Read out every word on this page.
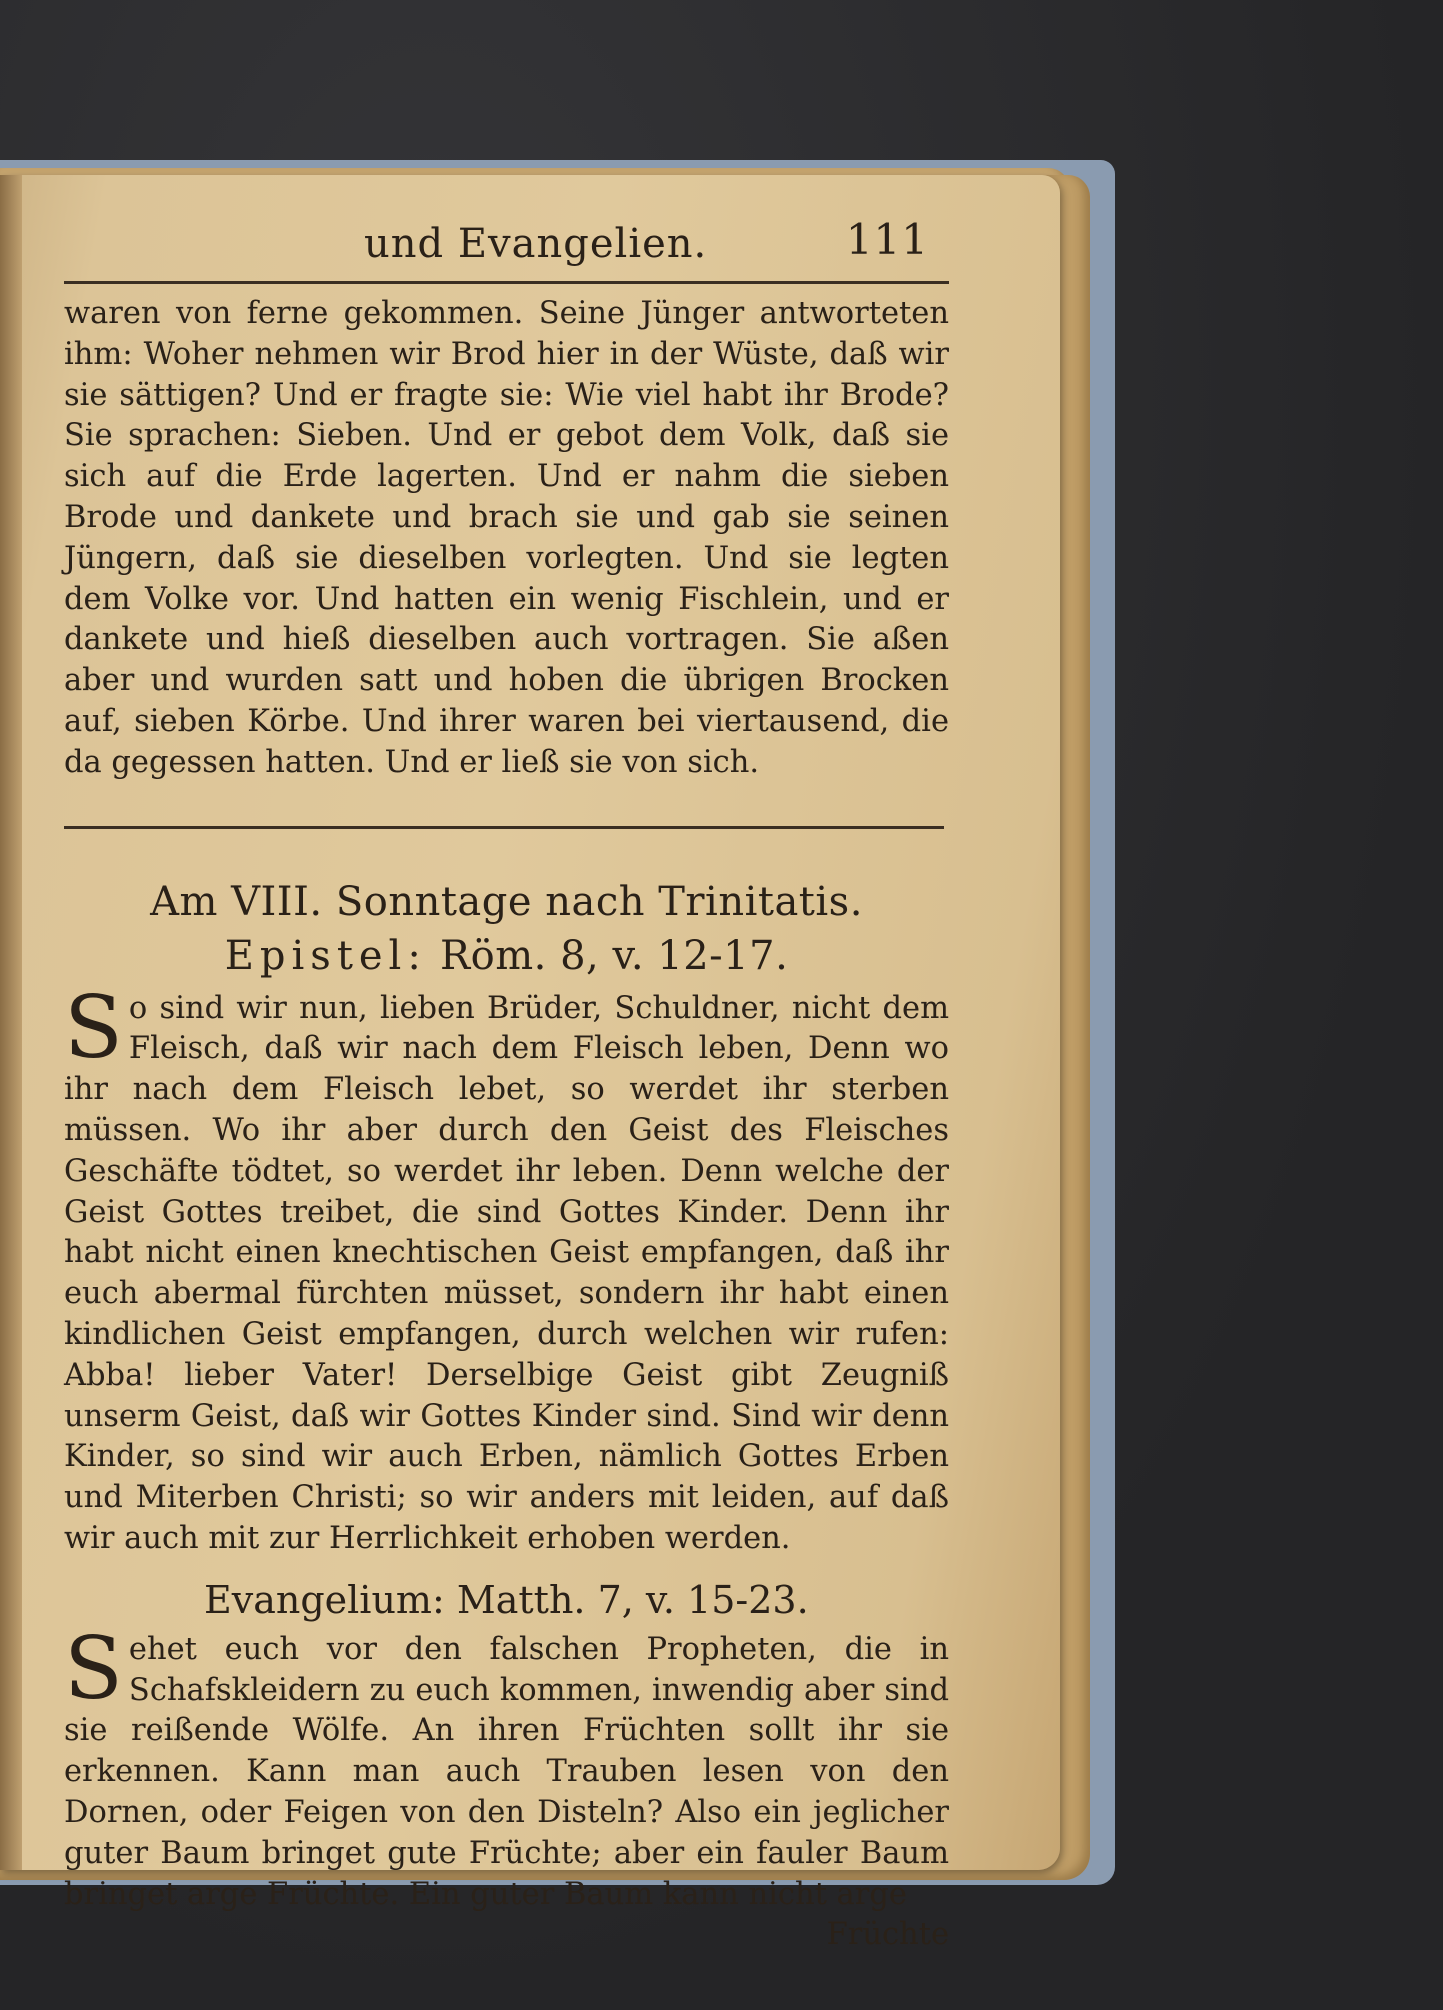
und Evangelien.	111

waren von ferne gekommen. Seine Jünger antworteten ihm: Woher nehmen wir Brod hier in der Wüste, daß wir sie sättigen? Und er fragte sie: Wie viel habt ihr Brode? Sie sprachen: Sieben. Und er gebot dem Volk, daß sie sich auf die Erde lagerten. Und er nahm die sieben Brode und dankete und brach sie und gab sie seinen Jüngern, daß sie dieselben vorlegten. Und sie legten dem Volke vor. Und hatten ein wenig Fischlein, und er dankete und hieß dieselben auch vortragen. Sie aßen aber und wurden satt und hoben die übrigen Brocken auf, sieben Körbe. Und ihrer waren bei viertausend, die da gegessen hatten. Und er ließ sie von sich.

Am VIII. Sonntage nach Trinitatis.
Epistel: Röm. 8, v. 12-17.
S o sind wir nun, lieben Brüder, Schuldner, nicht dem Fleisch, daß wir nach dem Fleisch leben, Denn wo ihr nach dem Fleisch lebet, so werdet ihr sterben müssen. Wo ihr aber durch den Geist des Fleisches Geschäfte tödtet, so werdet ihr leben. Denn welche der Geist Gottes treibet, die sind Gottes Kinder. Denn ihr habt nicht einen knechtischen Geist empfangen, daß ihr euch abermal fürchten müsset, sondern ihr habt einen kindlichen Geist empfangen, durch welchen wir rufen: Abba! lieber Vater! Derselbige Geist gibt Zeugniß unserm Geist, daß wir Gottes Kinder sind. Sind wir denn Kinder, so sind wir auch Erben, nämlich Gottes Erben und Miterben Christi; so wir anders mit leiden, auf daß wir auch mit zur Herrlichkeit erhoben werden.

Evangelium: Matth. 7, v. 15-23.
S ehet euch vor den falschen Propheten, die in Schafskleidern zu euch kommen, inwendig aber sind sie reißende Wölfe. An ihren Früchten sollt ihr sie erkennen. Kann man auch Trauben lesen von den Dornen, oder Feigen von den Disteln? Also ein jeglicher guter Baum bringet gute Früchte; aber ein fauler Baum bringet arge Früchte. Ein guter Baum kann nicht arge

Früchte
